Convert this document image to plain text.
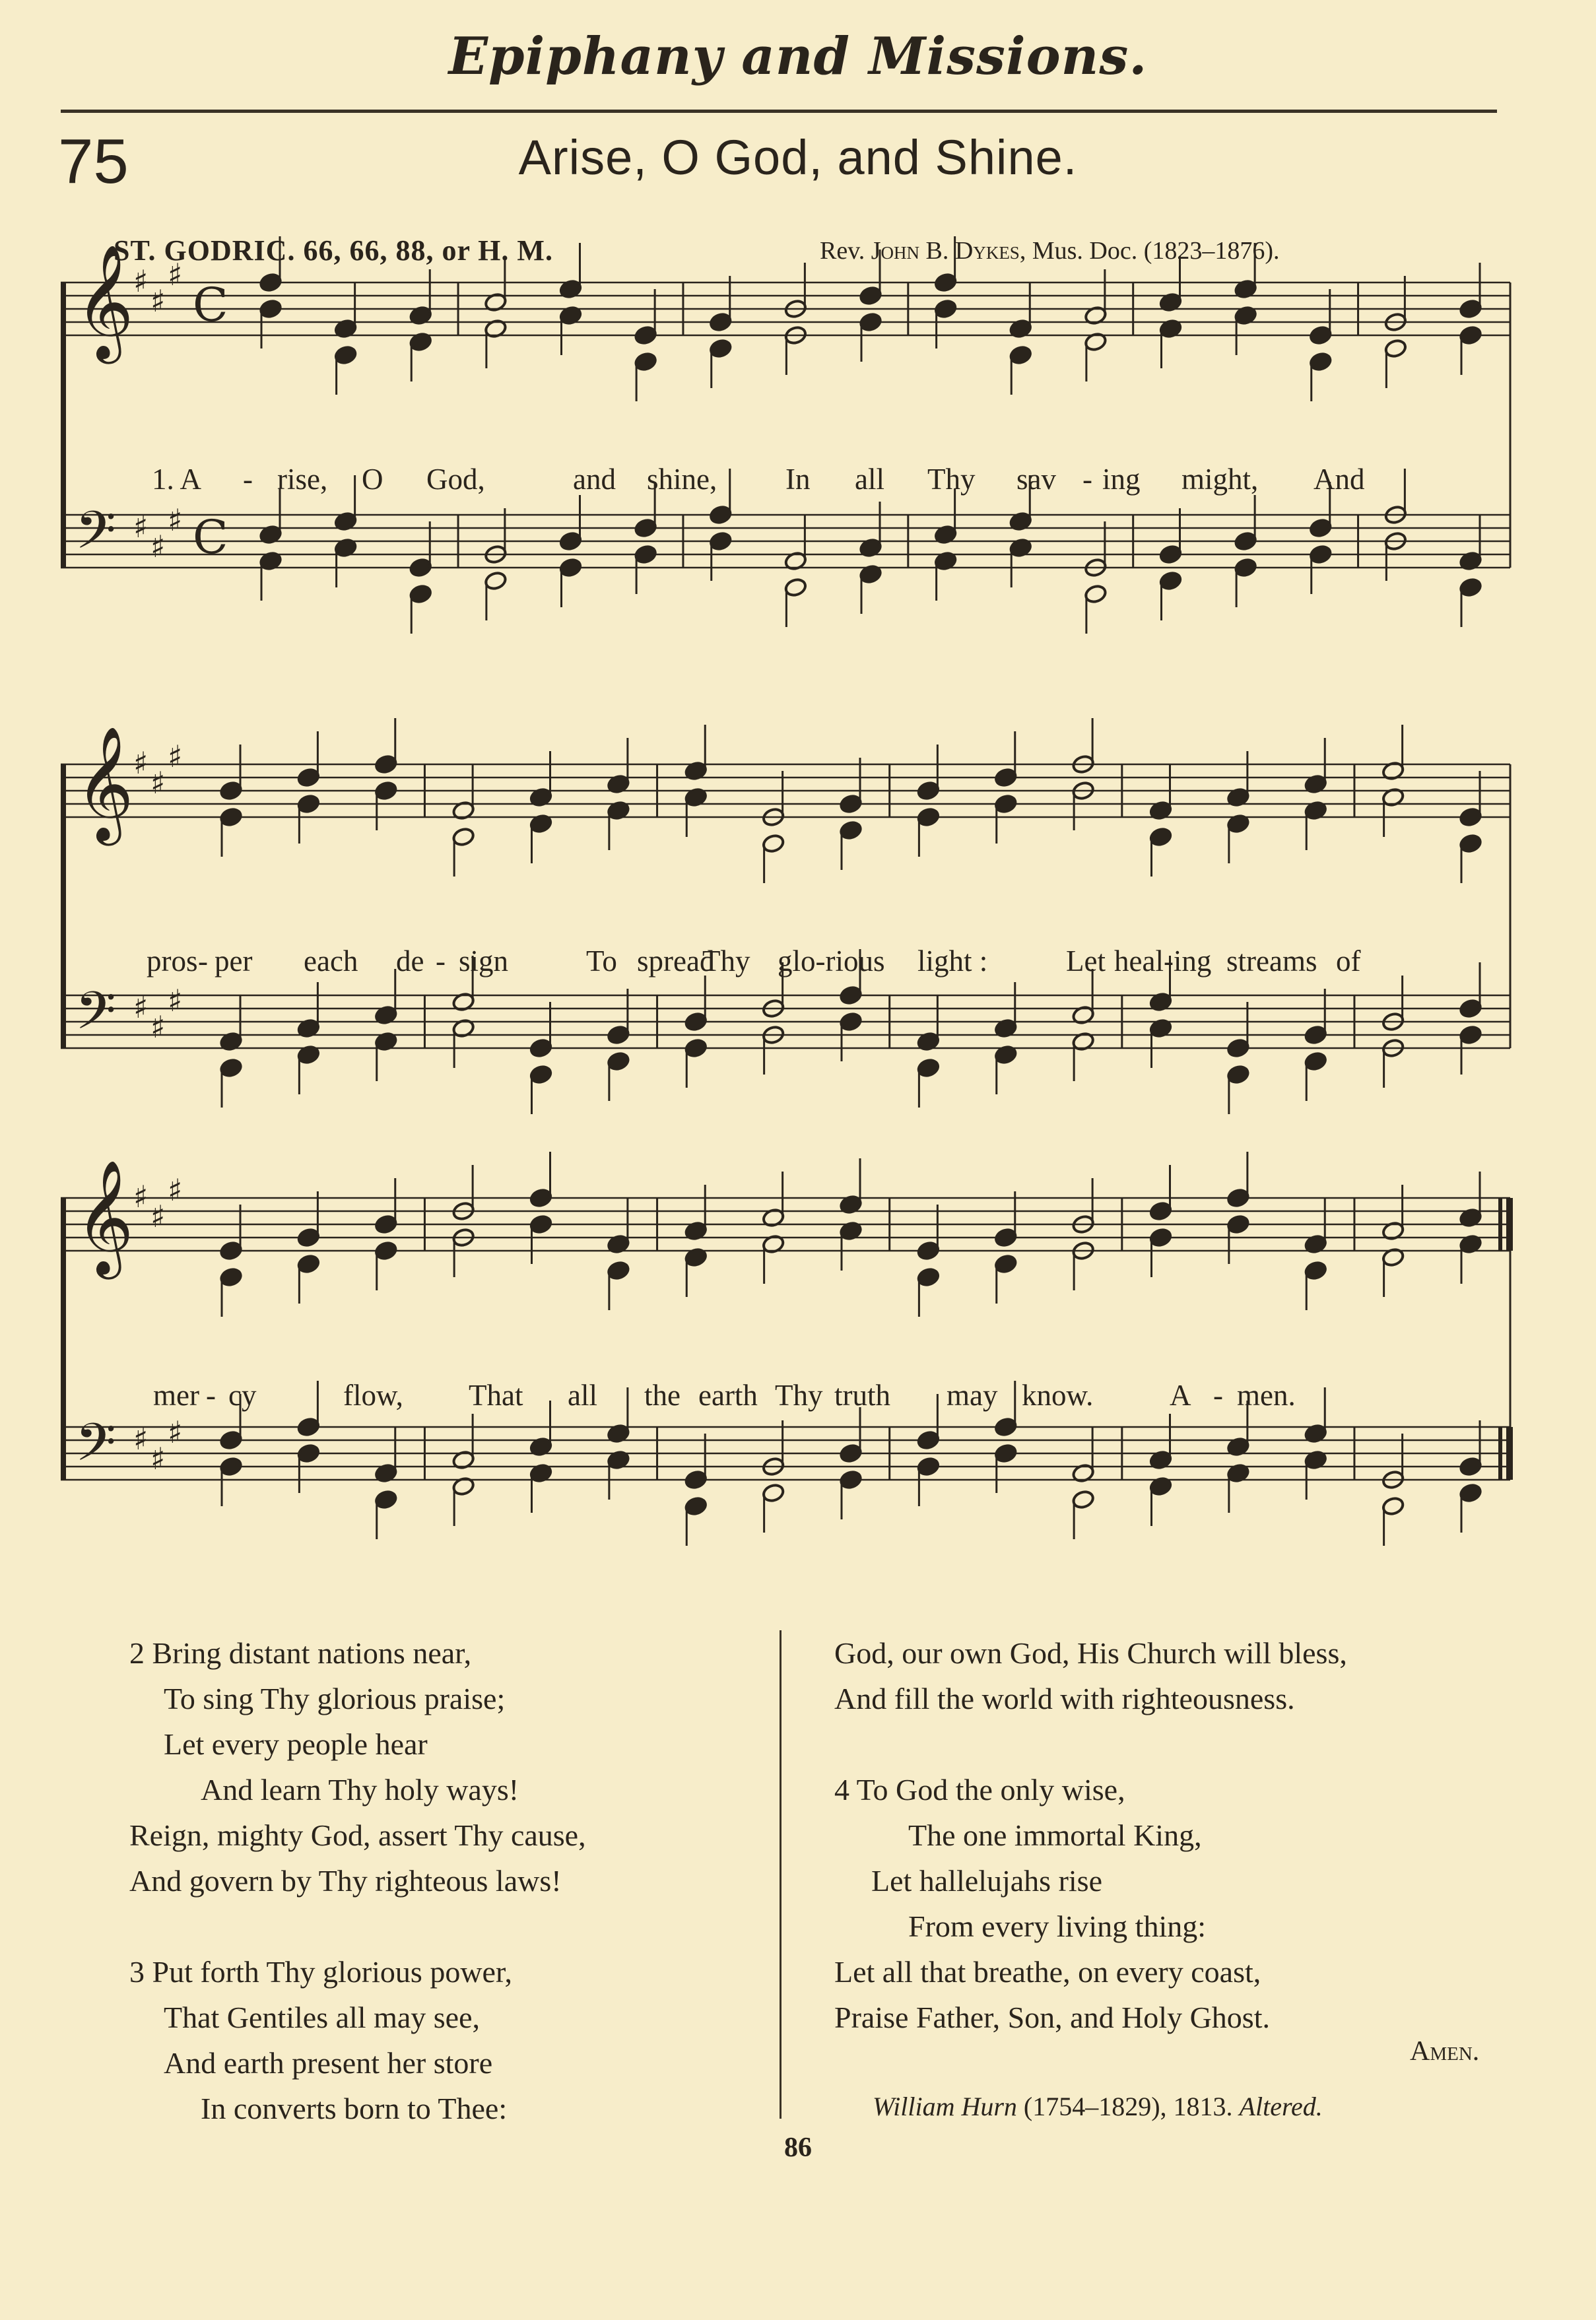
Epiphany and Missions.
75	Arise, O God, and Shine.
ST. GODRIC. 66, 66, 88, or H. M.	Rev. John B. Dykes, Mus. Doc. (1823–1876).
𝄞 ♯
♯
♯
C
𝄢 ♯
♯
♯ C
𝄞 ♯
♯
♯
𝄢 ♯
♯
♯
𝄞 ♯
♯
♯
𝄢 ♯
♯
♯
1. A - rise, O God,	and shine, In all Thy sav - ing might, And
pros - per each de - sign	To spread
Thy glo-rious light :	Let heal-ing streams of
mer - cy	flow, That all the earth Thy truth may know.	A - men.
2 Bring distant nations near,
To sing Thy glorious praise;
Let every people hear
And learn Thy holy ways!
Reign, mighty God, assert Thy cause,
And govern by Thy righteous laws!
3 Put forth Thy glorious power,
That Gentiles all may see,
And earth present her store
In converts born to Thee:
God, our own God, His Church will bless,
And fill the world with righteousness.
4 To God the only wise,
The one immortal King,
Let hallelujahs rise
From every living thing:
Let all that breathe, on every coast,
Praise Father, Son, and Holy Ghost.
Amen.
William Hurn (1754–1829), 1813. Altered.
86
